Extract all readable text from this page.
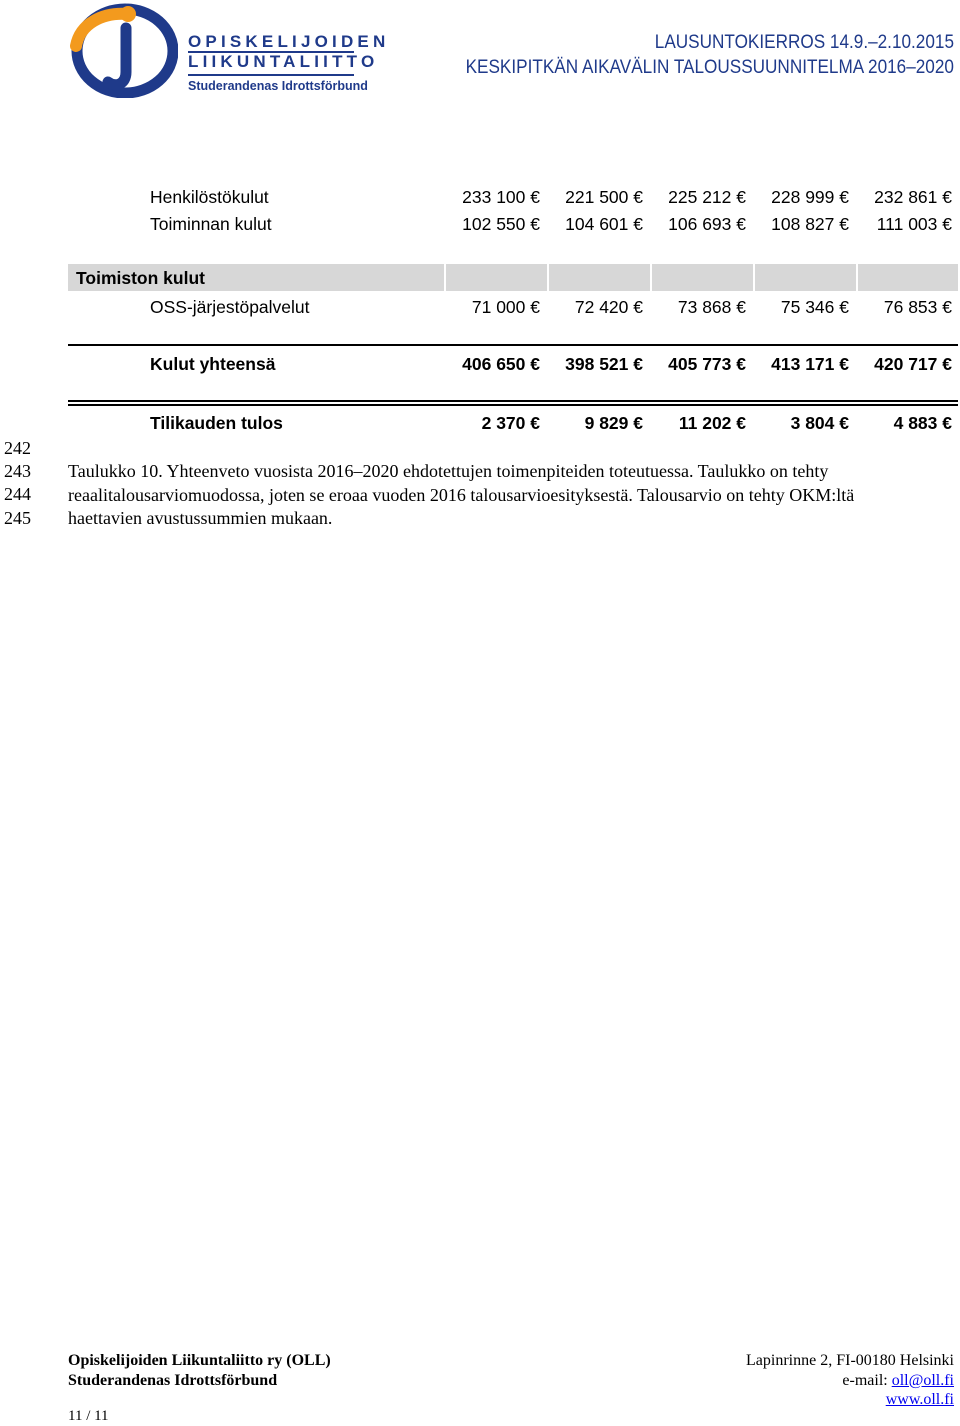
OPISKELIJOIDEN
LIIKUNTALIITTO
Studerandenas Idrottsförbund
LAUSUNTOKIERROS 14.9.–2.10.2015
KESKIPITKÄN AIKAVÄLIN TALOUSSUUNNITELMA 2016–2020
Henkilöstökulut	233 100 €	221 500 €	225 212 €	228 999 €	232 861 €
Toiminnan kulut	102 550 €	104 601 €	106 693 €	108 827 €	111 003 €
Toimiston kulut
OSS-järjestöpalvelut	71 000 €	72 420 €	73 868 €	75 346 €	76 853 €
Kulut yhteensä	406 650 €	398 521 €	405 773 €	413 171 €	420 717 €
Tilikauden tulos	2 370 €	9 829 €	11 202 €	3 804 €	4 883 €
242
243
244
245
Taulukko 10. Yhteenveto vuosista 2016–2020 ehdotettujen toimenpiteiden toteutuessa. Taulukko on tehty
reaalitalousarviomuodossa, joten se eroaa vuoden 2016 talousarvioesityksestä. Talousarvio on tehty OKM:ltä
haettavien avustussummien mukaan.
Opiskelijoiden Liikuntaliitto ry (OLL)
Studerandenas Idrottsförbund
Lapinrinne 2, FI-00180 Helsinki
e-mail: oll@oll.fi
www.oll.fi
11 / 11
